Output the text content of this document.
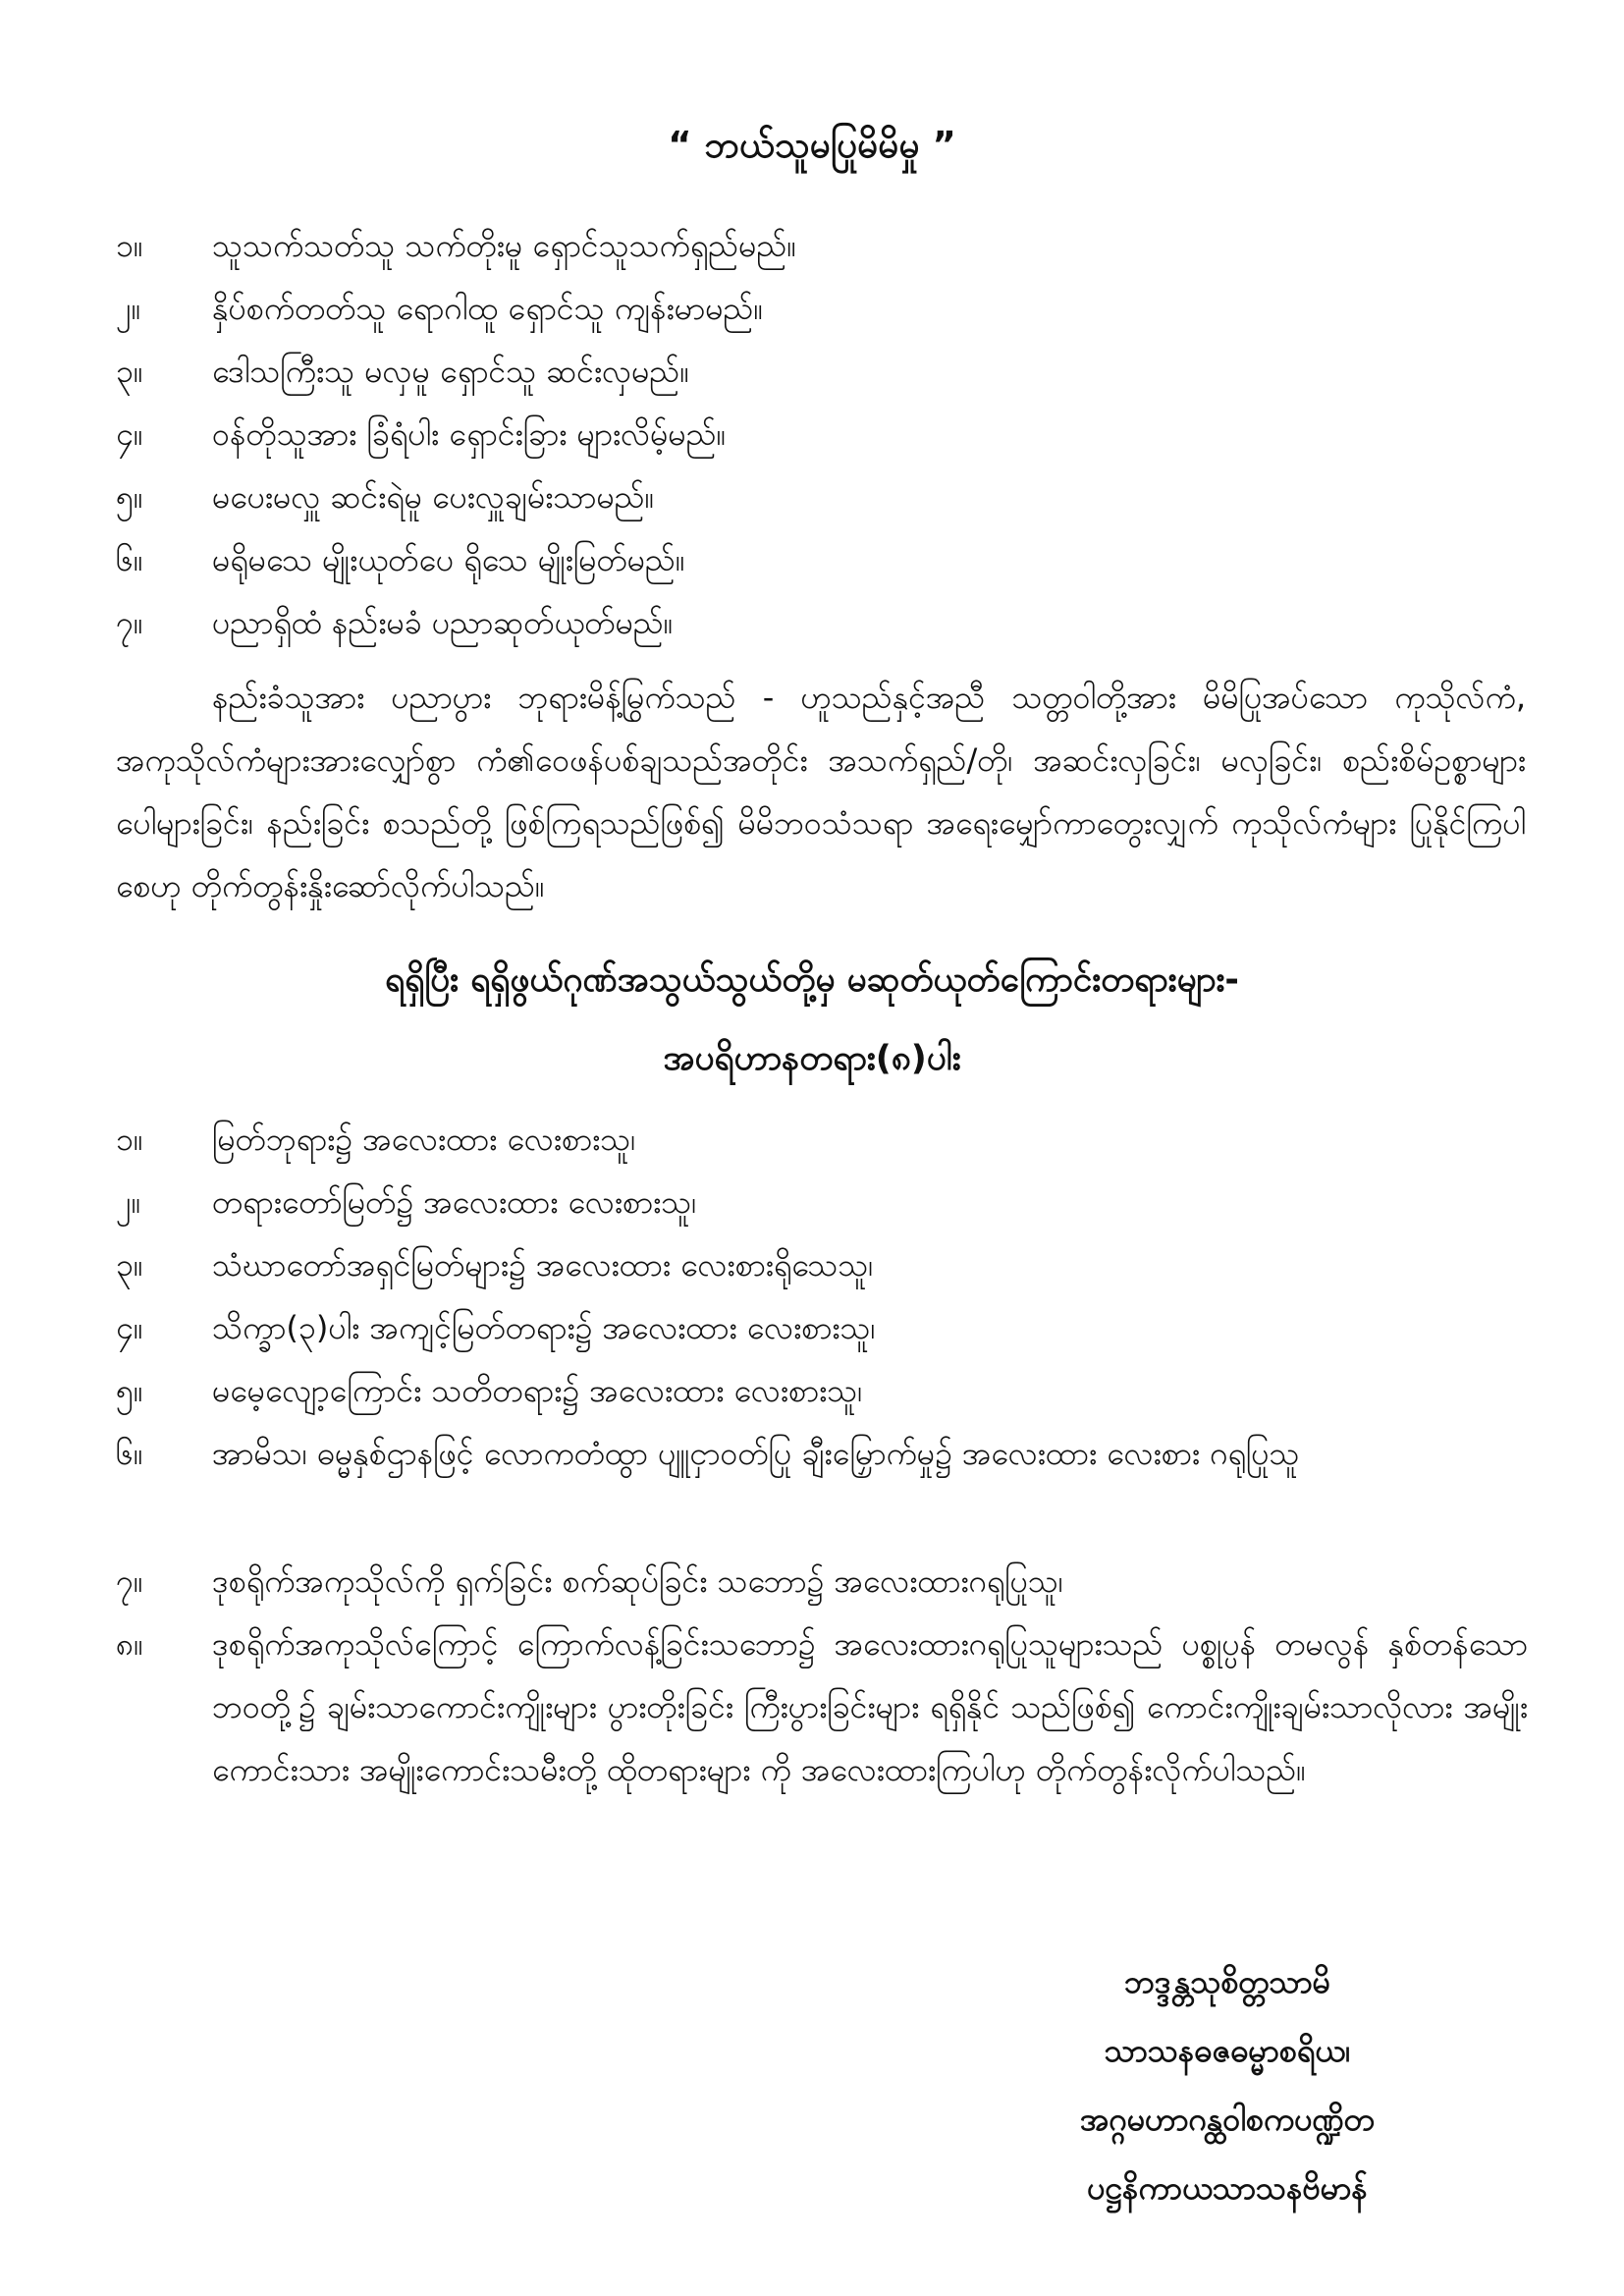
“ ဘယ်သူမပြုမိမိမှု ”
၁။	သူသက်သတ်သူ သက်တိုးမူ ရှောင်သူသက်ရှည်မည်။
၂။	နှိပ်စက်တတ်သူ ရောဂါထူ ရှောင်သူ ကျန်းမာမည်။
၃။	ဒေါသကြီးသူ မလှမူ ရှောင်သူ ဆင်းလှမည်။
၄။	ဝန်တိုသူအား ခြံရံပါး ရှောင်းခြား များလိမ့်မည်။
၅။	မပေးမလှူ ဆင်းရဲမူ ပေးလှူချမ်းသာမည်။
၆။	မရိုမသေ မျိုးယုတ်ပေ ရိုသေ မျိုးမြတ်မည်။
၇။	ပညာရှိထံ နည်းမခံ ပညာဆုတ်ယုတ်မည်။
နည်းခံသူအား ပညာပွား ဘုရားမိန့်မြွက်သည် - ဟူသည်နှင့်အညီ သတ္တဝါတို့အား မိမိပြုအပ်သော ကုသိုလ်ကံ, အကုသိုလ်ကံများအားလျှော်စွာ ကံ၏ဝေဖန်ပစ်ချသည်အတိုင်း အသက်ရှည်/တို၊ အဆင်းလှခြင်း၊ မလှခြင်း၊ စည်းစိမ်ဥစ္စာများ ပေါများခြင်း၊ နည်းခြင်း စသည်တို့ ဖြစ်ကြရသည်ဖြစ်၍ မိမိဘဝသံသရာ အရေးမျှော်ကာတွေးလျှက် ကုသိုလ်ကံများ ပြုနိုင်ကြပါစေဟု တိုက်တွန်းနှိုးဆော်လိုက်ပါသည်။
ရရှိပြီး ရရှိဖွယ်ဂုဏ်အသွယ်သွယ်တို့မှ မဆုတ်ယုတ်ကြောင်းတရားများ-
အပရိဟာနတရား(၈)ပါး
၁။	မြတ်ဘုရား၌ အလေးထား လေးစားသူ၊
၂။	တရားတော်မြတ်၌ အလေးထား လေးစားသူ၊
၃။	သံဃာတော်အရှင်မြတ်များ၌ အလေးထား လေးစားရိုသေသူ၊
၄။	သိက္ခာ(၃)ပါး အကျင့်မြတ်တရား၌ အလေးထား လေးစားသူ၊
၅။	မမေ့လျော့ကြောင်း သတိတရား၌ အလေးထား လေးစားသူ၊
၆။	အာမိသ၊ ဓမ္မနှစ်ဌာနဖြင့် လောကတံထွာ ပျူငှာဝတ်ပြု ချီးမြှောက်မှု၌ အလေးထား လေးစား ဂရုပြုသူ
၇။	ဒုစရိုက်အကုသိုလ်ကို ရှက်ခြင်း စက်ဆုပ်ခြင်း သဘော၌ အလေးထားဂရုပြုသူ၊
၈။	ဒုစရိုက်အကုသိုလ်ကြောင့် ကြောက်လန့်ခြင်းသဘော၌ အလေးထားဂရုပြုသူများသည် ပစ္စုပ္ပန် တမလွန် နှစ်တန်သောဘဝတို့၌ ချမ်းသာကောင်းကျိုးများ ပွားတိုးခြင်း ကြီးပွားခြင်းများ ရရှိနိုင် သည်ဖြစ်၍ ကောင်းကျိုးချမ်းသာလိုလား အမျိုးကောင်းသား အမျိုးကောင်းသမီးတို့ ထိုတရားများ ကို အလေးထားကြပါဟု တိုက်တွန်းလိုက်ပါသည်။
ဘဒ္ဒန္တသုစိတ္တသာမိ
သာသနဓဇဓမ္မာစရိယ၊
အဂ္ဂမဟာဂန္ထဝါစကပဏ္ဍိတ
ပဋ္ဌနိကာယသာသနဗိမာန်
